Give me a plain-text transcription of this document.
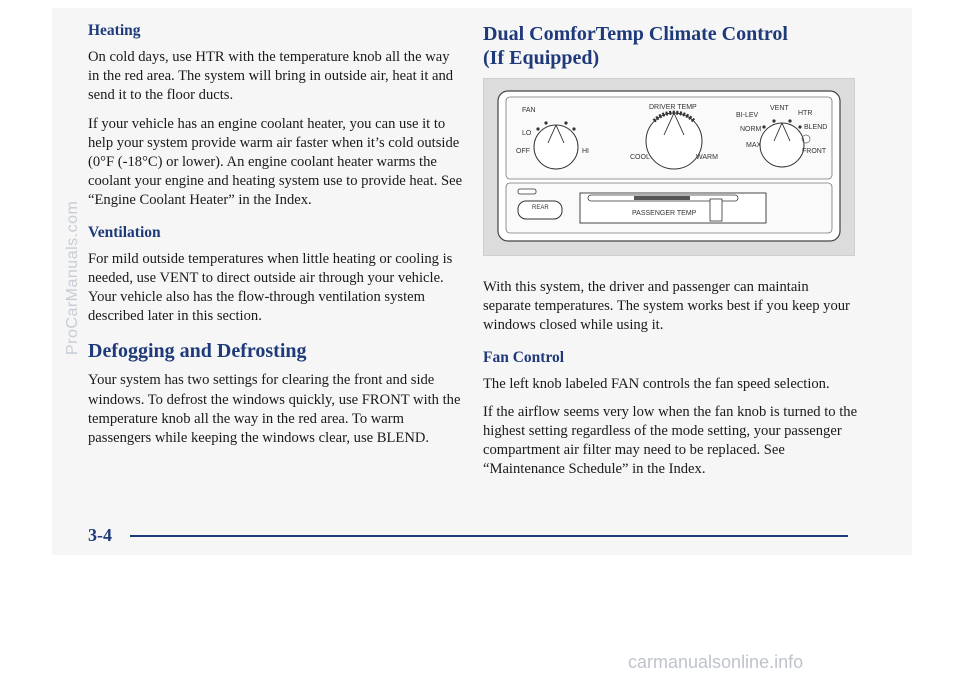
Heating

On cold days, use HTR with the temperature knob all the way in the red area. The system will bring in outside air, heat it and send it to the floor ducts.

If your vehicle has an engine coolant heater, you can use it to help your system provide warm air faster when it’s cold outside (0°F (-18°C) or lower). An engine coolant heater warms the coolant your engine and heating system use to provide heat. See “Engine Coolant Heater” in the Index.

Ventilation

For mild outside temperatures when little heating or cooling is needed, use VENT to direct outside air through your vehicle. Your vehicle also has the flow-through ventilation system described later in this section.

Defogging and Defrosting

Your system has two settings for clearing the front and side windows. To defrost the windows quickly, use FRONT with the temperature knob all the way in the red area. To warm passengers while keeping the windows clear, use BLEND.

Dual ComforTemp Climate Control
(If Equipped)
FAN
LO
OFF	HI
DRIVER TEMP
COOL	WARM
BI-LEV
VENT
HTR
NORM	BLEND
MAX
FRONT
REAR
PASSENGER TEMP

With this system, the driver and passenger can maintain separate temperatures. The system works best if you keep your windows closed while using it.

Fan Control

The left knob labeled FAN controls the fan speed selection.

If the airflow seems very low when the fan knob is turned to the highest setting regardless of the mode setting, your passenger compartment air filter may need to be replaced. See “Maintenance Schedule” in the Index.

3-4
ProCarManuals.com
carmanualsonline.info
